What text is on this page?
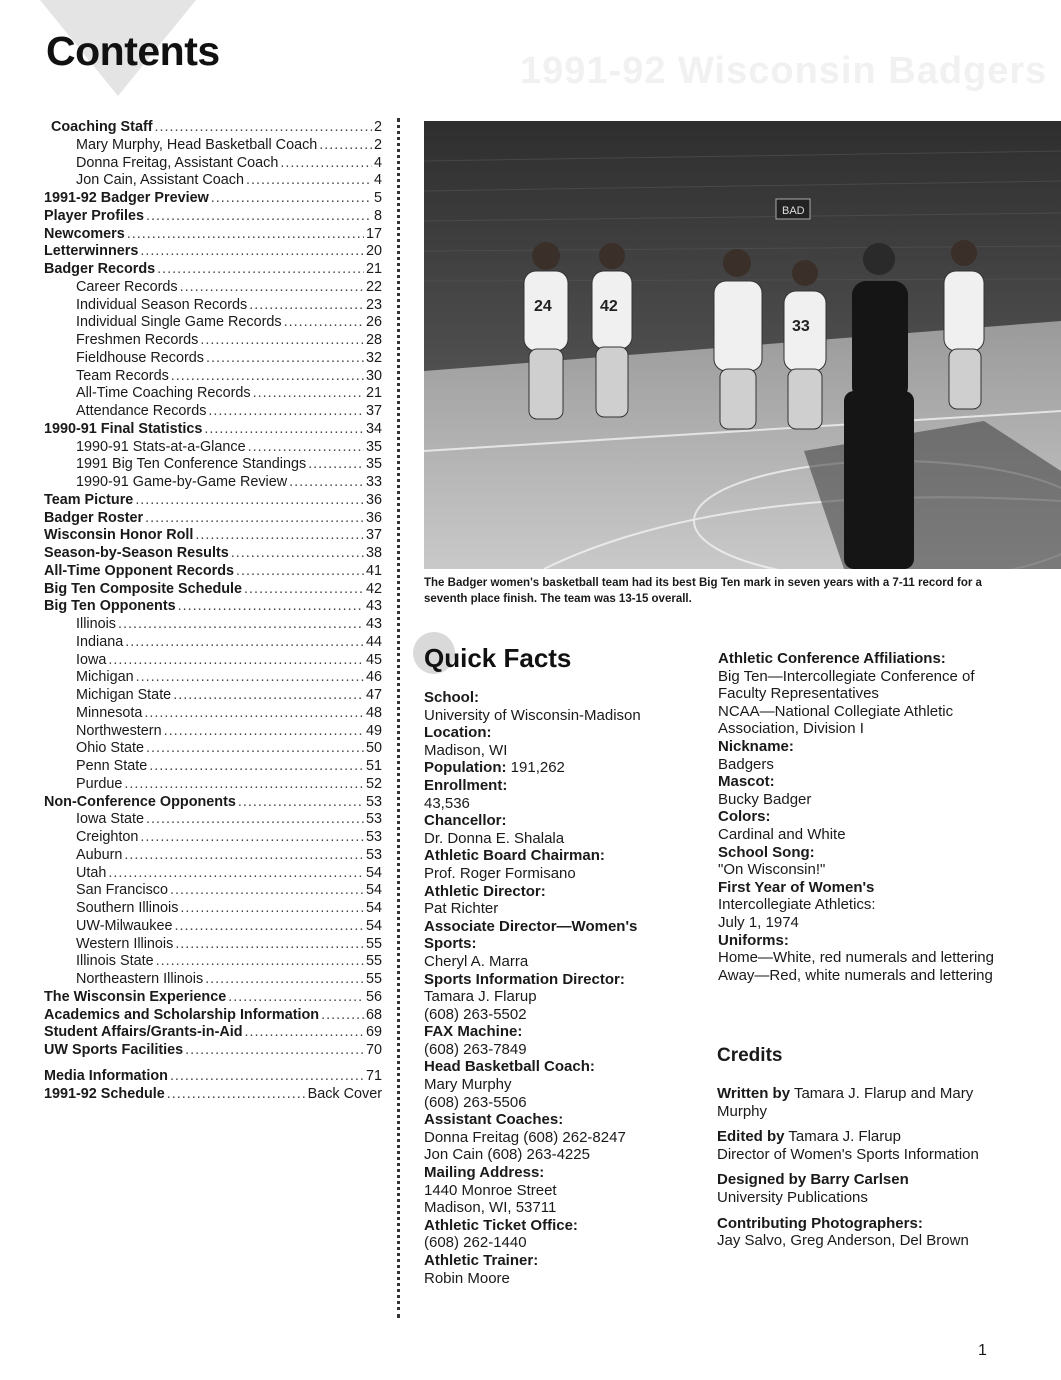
1991-92 Wisconsin Badgers
Contents
Coaching Staff .....	2
Mary Murphy, Head Basketball Coach .....	2
Donna Freitag, Assistant Coach .....	4
Jon Cain, Assistant Coach .....	4
1991-92 Badger Preview .....	5
Player Profiles .....	8
Newcomers .....	17
Letterwinners .....	20
Badger Records .....	21
Career Records .....	22
Individual Season Records .....	23
Individual Single Game Records .....	26
Freshmen Records .....	28
Fieldhouse Records .....	32
Team Records .....	30
All-Time Coaching Records .....	21
Attendance Records .....	37
1990-91 Final Statistics .....	34
1990-91 Stats-at-a-Glance .....	35
1991 Big Ten Conference Standings .....	35
1990-91 Game-by-Game Review .....	33
Team Picture .....	36
Badger Roster .....	36
Wisconsin Honor Roll .....	37
Season-by-Season Results .....	38
All-Time Opponent Records .....	41
Big Ten Composite Schedule .....	42
Big Ten Opponents .....	43
Illinois .....	43
Indiana .....	44
Iowa .....	45
Michigan .....	46
Michigan State .....	47
Minnesota .....	48
Northwestern .....	49
Ohio State .....	50
Penn State .....	51
Purdue .....	52
Non-Conference Opponents .....	53
Iowa State .....	53
Creighton .....	53
Auburn .....	53
Utah .....	54
San Francisco .....	54
Southern Illinois .....	54
UW-Milwaukee .....	54
Western Illinois .....	55
Illinois State .....	55
Northeastern Illinois .....	55
The Wisconsin Experience .....	56
Academics and Scholarship Information .....	68
Student Affairs/Grants-in-Aid .....	69
UW Sports Facilities .....	70
Media Information .....	71
1991-92 Schedule .....	Back Cover
BAD
24	42
33
The Badger women's basketball team had its best Big Ten mark in seven years with a 7-11 record for a seventh place finish. The team was 13-15 overall.
Quick Facts
School:
University of Wisconsin-Madison
Location:
Madison, WI
Population: 191,262
Enrollment:
43,536
Chancellor:
Dr. Donna E. Shalala
Athletic Board Chairman:
Prof. Roger Formisano
Athletic Director:
Pat Richter
Associate Director—Women's Sports:
Cheryl A. Marra
Sports Information Director:
Tamara J. Flarup
(608) 263-5502
FAX Machine:
(608) 263-7849
Head Basketball Coach:
Mary Murphy
(608) 263-5506
Assistant Coaches:
Donna Freitag (608) 262-8247
Jon Cain (608) 263-4225
Mailing Address:
1440 Monroe Street
Madison, WI, 53711
Athletic Ticket Office:
(608) 262-1440
Athletic Trainer:
Robin Moore
Athletic Conference Affiliations:
Big Ten—Intercollegiate Conference of Faculty Representatives
NCAA—National Collegiate Athletic Association, Division I
Nickname:
Badgers
Mascot:
Bucky Badger
Colors:
Cardinal and White
School Song:
"On Wisconsin!"
First Year of Women's
Intercollegiate Athletics:
July 1, 1974
Uniforms:
Home—White, red numerals and lettering
Away—Red, white numerals and lettering
Credits
Written by Tamara J. Flarup and Mary Murphy
Edited by Tamara J. Flarup
Director of Women's Sports Information
Designed by Barry Carlsen
University Publications
Contributing Photographers:
Jay Salvo, Greg Anderson, Del Brown
1
